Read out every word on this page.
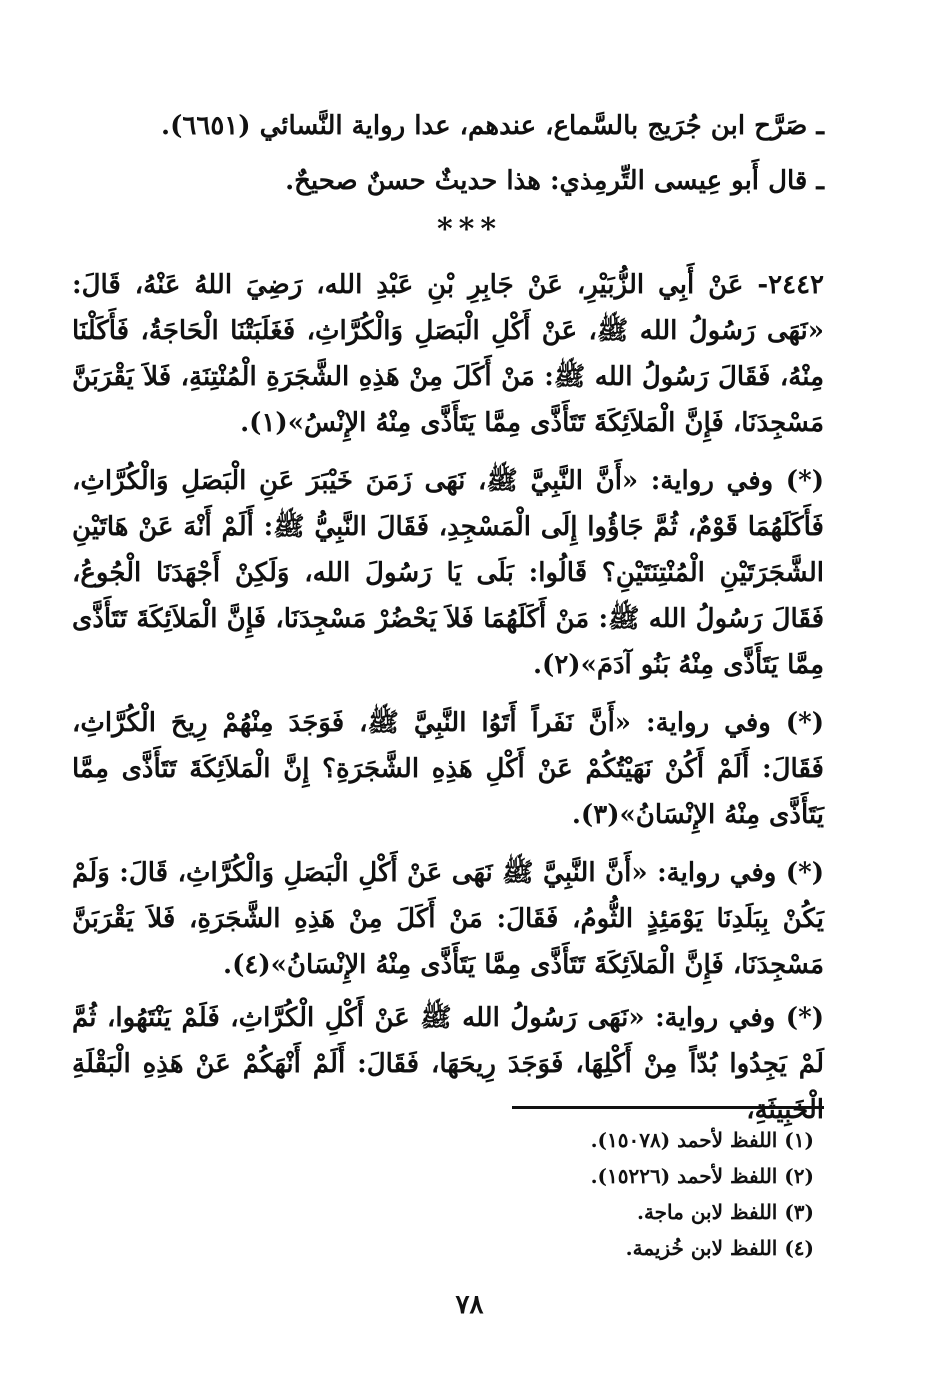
ـ صَرَّح ابن جُرَيج بالسَّماع، عندهم، عدا رواية النَّسائي (٦٦٥١).
ـ قال أَبو عِيسى التِّرمِذي: هذا حديثٌ حسنٌ صحيحٌ.
***
٢٤٤٢- عَنْ أَبِي الزُّبَيْرِ، عَنْ جَابِرِ بْنِ عَبْدِ الله، رَضِيَ اللهُ عَنْهُ، قَالَ: «نَهَى رَسُولُ الله ﷺ، عَنْ أَكْلِ الْبَصَلِ وَالْكُرَّاثِ، فَغَلَبَتْنَا الْحَاجَةُ، فَأَكَلْنَا مِنْهُ، فَقَالَ رَسُولُ الله ﷺ: مَنْ أَكَلَ مِنْ هَذِهِ الشَّجَرَةِ الْمُنْتِنَةِ، فَلاَ يَقْرَبَنَّ مَسْجِدَنَا، فَإِنَّ الْمَلاَئِكَةَ تَتَأَذَّى مِمَّا يَتَأَذَّى مِنْهُ الإِنْسُ»(١).
(*) وفي رواية: «أَنَّ النَّبِيَّ ﷺ، نَهَى زَمَنَ خَيْبَرَ عَنِ الْبَصَلِ وَالْكُرَّاثِ، فَأَكَلَهُمَا قَوْمٌ، ثُمَّ جَاؤُوا إِلَى الْمَسْجِدِ، فَقَالَ النَّبِيُّ ﷺ: أَلَمْ أَنْهَ عَنْ هَاتَيْنِ الشَّجَرَتَيْنِ الْمُنْتِنَتَيْنِ؟ قَالُوا: بَلَى يَا رَسُولَ الله، وَلَكِنْ أَجْهَدَنَا الْجُوعُ، فَقَالَ رَسُولُ الله ﷺ: مَنْ أَكَلَهُمَا فَلاَ يَحْضُرْ مَسْجِدَنَا، فَإِنَّ الْمَلاَئِكَةَ تَتَأَذَّى مِمَّا يَتَأَذَّى مِنْهُ بَنُو آدَمَ»(٢).
(*) وفي رواية: «أَنَّ نَفَراً أَتَوُا النَّبِيَّ ﷺ، فَوَجَدَ مِنْهُمْ رِيحَ الْكُرَّاثِ، فَقَالَ: أَلَمْ أَكُنْ نَهَيْتُكُمْ عَنْ أَكْلِ هَذِهِ الشَّجَرَةِ؟ إِنَّ الْمَلاَئِكَةَ تَتَأَذَّى مِمَّا يَتَأَذَّى مِنْهُ الإِنْسَانُ»(٣).
(*) وفي رواية: «أَنَّ النَّبِيَّ ﷺ نَهَى عَنْ أَكْلِ الْبَصَلِ وَالْكُرَّاثِ، قَالَ: وَلَمْ يَكُنْ بِبَلَدِنَا يَوْمَئِذٍ الثُّومُ، فَقَالَ: مَنْ أَكَلَ مِنْ هَذِهِ الشَّجَرَةِ، فَلاَ يَقْرَبَنَّ مَسْجِدَنَا، فَإِنَّ الْمَلاَئِكَةَ تَتَأَذَّى مِمَّا يَتَأَذَّى مِنْهُ الإِنْسَانُ»(٤).
(*) وفي رواية: «نَهَى رَسُولُ الله ﷺ عَنْ أَكْلِ الْكُرَّاثِ، فَلَمْ يَنْتَهُوا، ثُمَّ لَمْ يَجِدُوا بُدّاً مِنْ أَكْلِهَا، فَوَجَدَ رِيحَهَا، فَقَالَ: أَلَمْ أَنْهَكُمْ عَنْ هَذِهِ الْبَقْلَةِ الْخَبِيثَةِ،
(١) اللفظ لأحمد (١٥٠٧٨).
(٢) اللفظ لأحمد (١٥٢٢٦).
(٣) اللفظ لابن ماجة.
(٤) اللفظ لابن خُزيمة.
٧٨
